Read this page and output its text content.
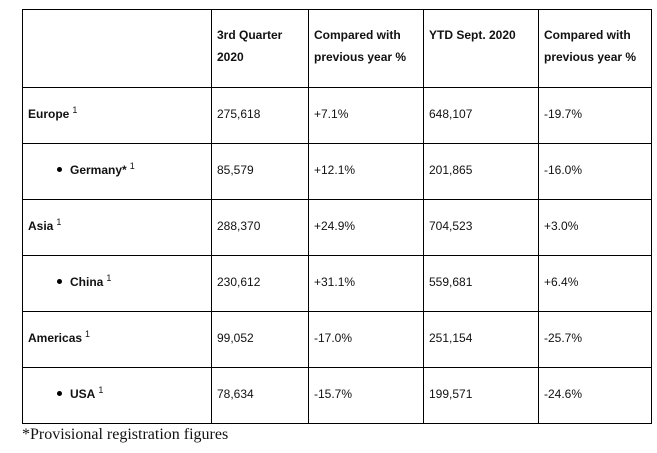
	3rd Quarter 2020	Compared with previous year %	YTD Sept. 2020	Compared with previous year %
Europe $^1$	275,618	+7.1%	648,107	-19.7%
Germany* $^1$	85,579	+12.1%	201,865	-16.0%
Asia $^1$	288,370	+24.9%	704,523	+3.0%
China $^1$	230,612	+31.1%	559,681	+6.4%
Americas $^1$	99,052	-17.0%	251,154	-25.7%
USA $^1$	78,634	-15.7%	199,571	-24.6%
*Provisional registration figures
